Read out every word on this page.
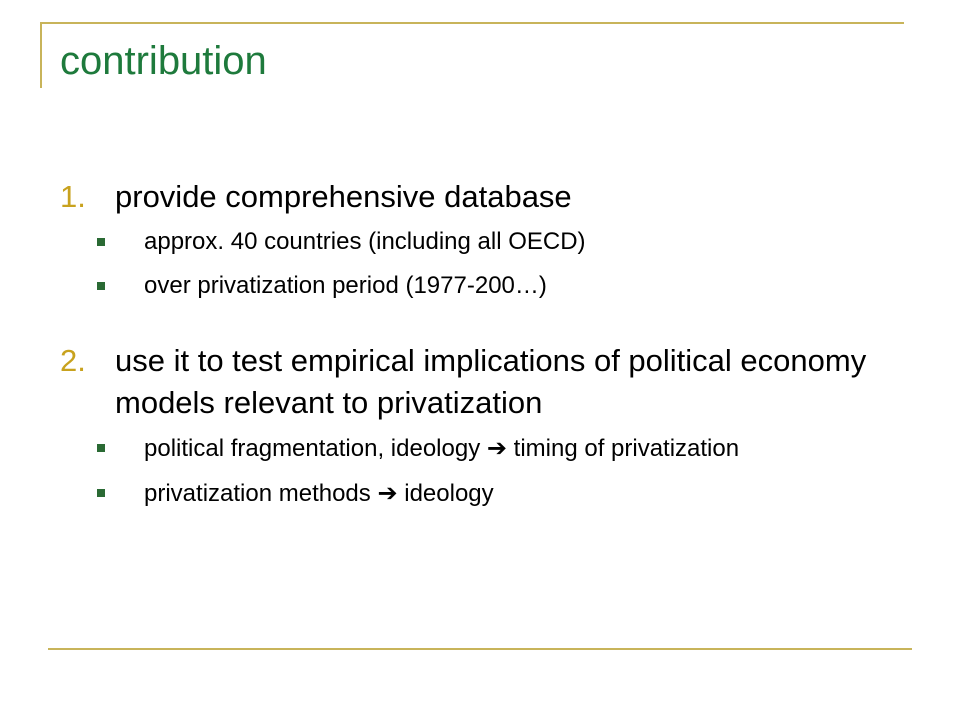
contribution
1. provide comprehensive database
approx. 40 countries (including all OECD)
over privatization period (1977-200…)
2. use it to test empirical implications of political economy models relevant to privatization
political fragmentation, ideology ➔ timing of privatization
privatization methods ➔ ideology
